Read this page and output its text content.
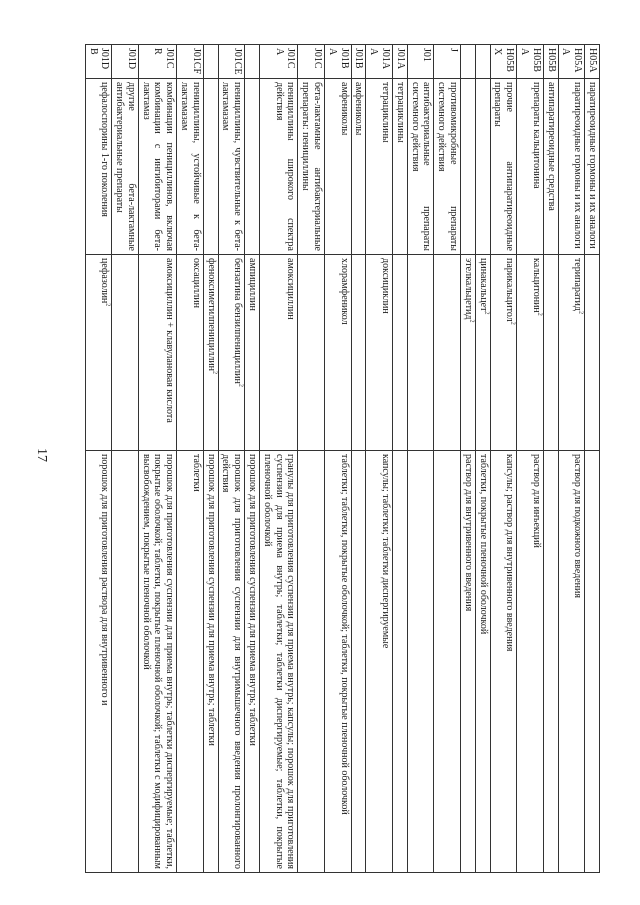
17
H05A	паратиреоидные гормоны и их аналоги		
H05AA	паратиреоидные гормоны и их аналоги	терипаратид$^2$	раствор для подкожного введения
H05B	антипаратиреоидные средства		
H05BA	препараты кальцитонина	кальцитонин$^2$	раствор для инъекций
H05BX	прочие антипаратиреоидные препараты	парикальцитол$^2$	капсулы; раствор для внутривенного введения
		цинакальцет$^2$	таблетки, покрытые пленочной оболочкой
		этелкальцетид$^2$	раствор для внутривенного введения
J	противомикробные препараты системного действия		
J01	антибактериальные препараты системного действия		
J01A	тетрациклины		
J01AA	тетрациклины	доксициклин	капсулы; таблетки; таблетки диспергируемые
J01B	амфениколы		
J01BA	амфениколы	хлорамфеникол	таблетки; таблетки, покрытые оболочкой; таблетки, покрытые пленочной оболочкой
J01C	бета-лактамные антибактериальные препараты: пенициллины		
J01CA	пенициллины широкого спектра действия	амоксициллин	гранулы для приготовления суспензии для приема внутрь; капсулы; порошок для приготовления суспензии для приема внутрь; таблетки; таблетки диспергируемые; таблетки, покрытые пленочной оболочкой
		ампициллин	порошок для приготовления суспензии для приема внутрь; таблетки
J01CE	пенициллины, чувствительные к бета-лактамазам	бензатина бензилпенициллин$^2$	порошок для приготовления суспензии для внутримышечного введения пролонгированного действия
		феноксиметилпенициллин$^2$	порошок для приготовления суспензии для приема внутрь; таблетки
J01CF	пенициллины, устойчивые к бета-лактамазам	оксациллин	таблетки
J01CR	комбинации пенициллинов, включая комбинации с ингибиторами бета-лактамаз	амоксициллин + клавулановая кислота	порошок для приготовления суспензии для приема внутрь; таблетки диспергируемые; таблетки, покрытые оболочкой; таблетки, покрытые пленочной оболочкой; таблетки с модифицированным высвобождением, покрытые пленочной оболочкой
J01D	другие бета-лактамные антибактериальные препараты		
J01DB	цефалоспорины 1-го поколения	цефазолин$^2$	порошок для приготовления раствора для внутривенного и
